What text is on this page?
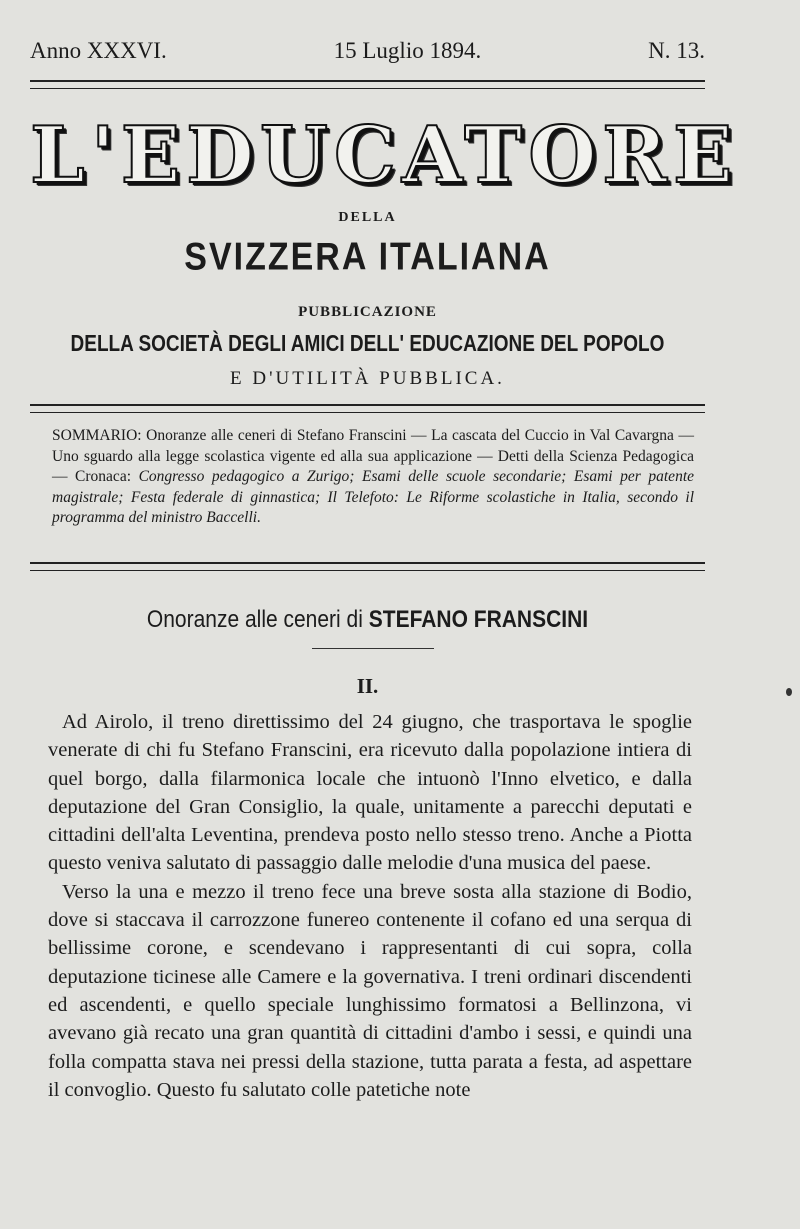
Anno XXXVI.	15 Luglio 1894.	N. 13.
L'EDUCATORE
DELLA
SVIZZERA ITALIANA
PUBBLICAZIONE
DELLA SOCIETÀ DEGLI AMICI DELL' EDUCAZIONE DEL POPOLO
E D'UTILITÀ PUBBLICA.
SOMMARIO: Onoranze alle ceneri di Stefano Franscini — La cascata del Cuccio in Val Cavargna — Uno sguardo alla legge scolastica vigente ed alla sua applicazione — Detti della Scienza Pedagogica — Cronaca: Congresso pedagogico a Zurigo; Esami delle scuole secondarie; Esami per patente magistrale; Festa federale di ginnastica; Il Telefoto: Le Riforme scolastiche in Italia, secondo il programma del ministro Baccelli.
Onoranze alle ceneri di STEFANO FRANSCINI
II.

Ad Airolo, il treno direttissimo del 24 giugno, che trasportava le spoglie venerate di chi fu Stefano Franscini, era ricevuto dalla popolazione intiera di quel borgo, dalla filarmonica locale che intuonò l'Inno elvetico, e dalla deputazione del Gran Consiglio, la quale, unitamente a parecchi deputati e cittadini dell'alta Leventina, prendeva posto nello stesso treno. Anche a Piotta questo veniva salutato di passaggio dalle melodie d'una musica del paese.

Verso la una e mezzo il treno fece una breve sosta alla stazione di Bodio, dove si staccava il carrozzone funereo contenente il cofano ed una serqua di bellissime corone, e scendevano i rappresentanti di cui sopra, colla deputazione ticinese alle Camere e la governativa. I treni ordinari discendenti ed ascendenti, e quello speciale lunghissimo formatosi a Bellinzona, vi avevano già recato una gran quantità di cittadini d'ambo i sessi, e quindi una folla compatta stava nei pressi della stazione, tutta parata a festa, ad aspettare il convoglio. Questo fu salutato colle patetiche note
